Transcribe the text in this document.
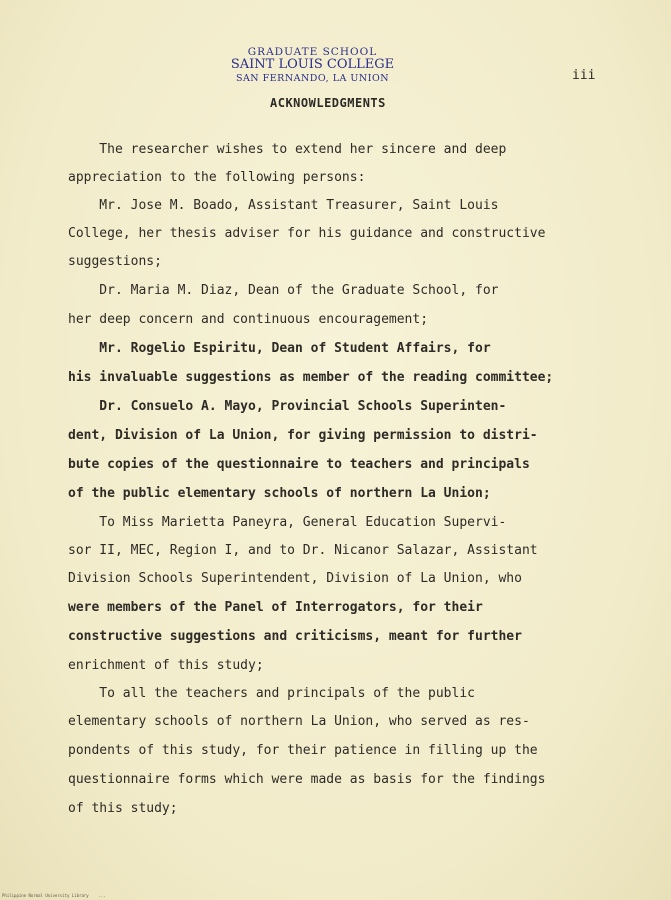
GRADUATE SCHOOL
SAINT LOUIS COLLEGE
SAN FERNANDO, LA UNION	iii
ACKNOWLEDGMENTS

The researcher wishes to extend her sincere and deep

appreciation to the following persons:

Mr. Jose M. Boado, Assistant Treasurer, Saint Louis

College, her thesis adviser for his guidance and constructive

suggestions;

Dr. Maria M. Diaz, Dean of the Graduate School, for

her deep concern and continuous encouragement;

Mr. Rogelio Espiritu, Dean of Student Affairs, for

his invaluable suggestions as member of the reading committee;

Dr. Consuelo A. Mayo, Provincial Schools Superinten-

dent, Division of La Union, for giving permission to distri-

bute copies of the questionnaire to teachers and principals

of the public elementary schools of northern La Union;

To Miss Marietta Paneyra, General Education Supervi-

sor II, MEC, Region I, and to Dr. Nicanor Salazar, Assistant

Division Schools Superintendent, Division of La Union, who

were members of the Panel of Interrogators, for their

constructive suggestions and criticisms, meant for further

enrichment of this study;

To all the teachers and principals of the public

elementary schools of northern La Union, who served as res-

pondents of this study, for their patience in filling up the

questionnaire forms which were made as basis for the findings

of this study;

Philippine Normal University Library    ...
